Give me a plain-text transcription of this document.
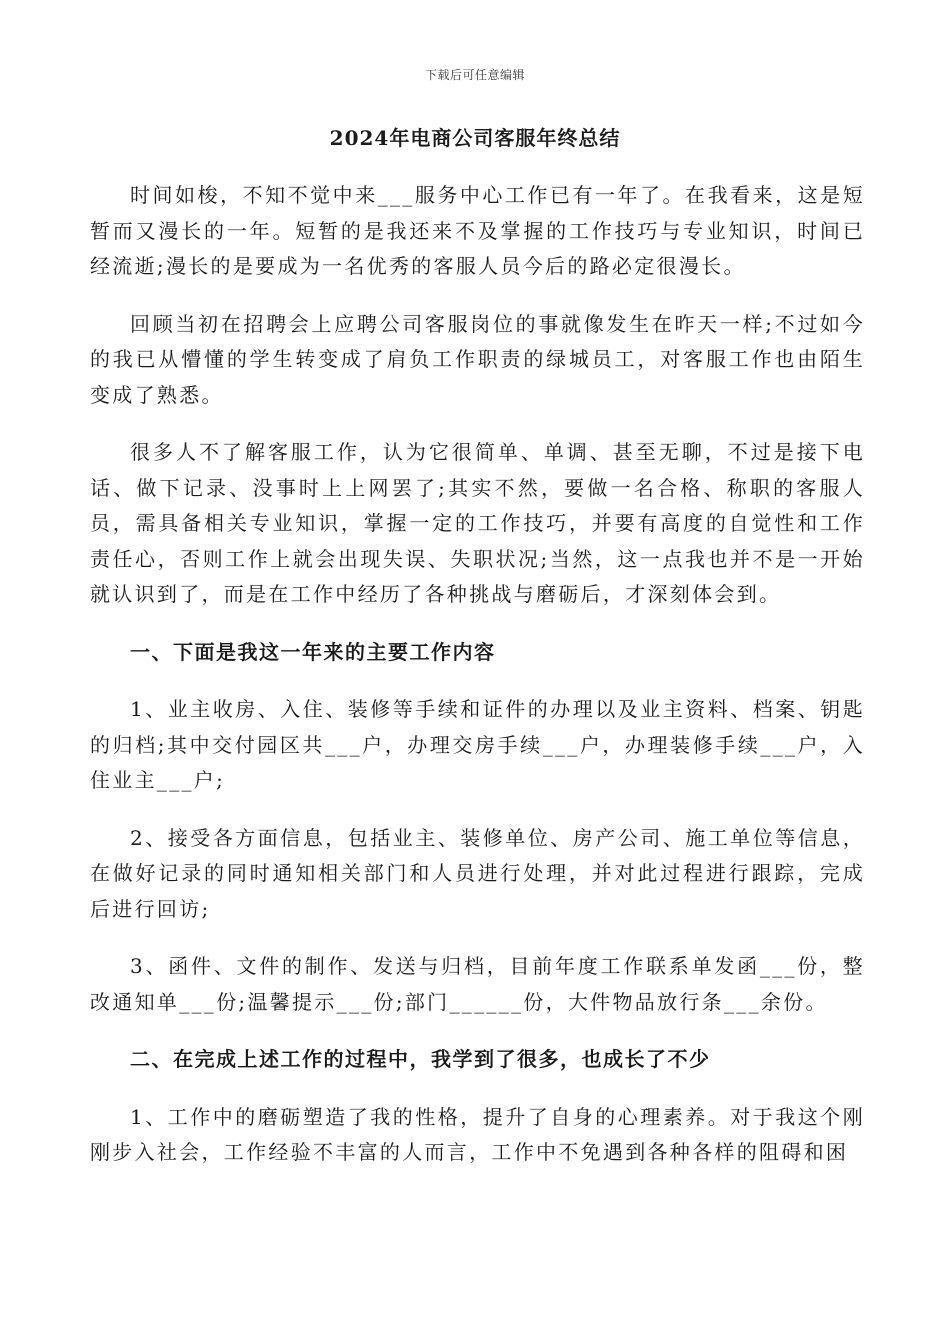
下载后可任意编辑
2024年电商公司客服年终总结

时间如梭，不知不觉中来___服务中心工作已有一年了。在我看来，这是短暂而又漫长的一年。短暂的是我还来不及掌握的工作技巧与专业知识，时间已经流逝;漫长的是要成为一名优秀的客服人员今后的路必定很漫长。

回顾当初在招聘会上应聘公司客服岗位的事就像发生在昨天一样;不过如今的我已从懵懂的学生转变成了肩负工作职责的绿城员工，对客服工作也由陌生变成了熟悉。

很多人不了解客服工作，认为它很简单、单调、甚至无聊，不过是接下电话、做下记录、没事时上上网罢了;其实不然，要做一名合格、称职的客服人员，需具备相关专业知识，掌握一定的工作技巧，并要有高度的自觉性和工作责任心，否则工作上就会出现失误、失职状况;当然，这一点我也并不是一开始就认识到了，而是在工作中经历了各种挑战与磨砺后，才深刻体会到。

一、下面是我这一年来的主要工作内容

1、业主收房、入住、装修等手续和证件的办理以及业主资料、档案、钥匙的归档;其中交付园区共___户，办理交房手续___户，办理装修手续___户，入住业主___户;

2、接受各方面信息，包括业主、装修单位、房产公司、施工单位等信息，在做好记录的同时通知相关部门和人员进行处理，并对此过程进行跟踪，完成后进行回访;

3、函件、文件的制作、发送与归档，目前年度工作联系单发函___份，整改通知单___份;温馨提示___份;部门______份，大件物品放行条___余份。

二、在完成上述工作的过程中，我学到了很多，也成长了不少

1、工作中的磨砺塑造了我的性格，提升了自身的心理素养。对于我这个刚刚步入社会，工作经验不丰富的人而言，工作中不免遇到各种各样的阻碍和困
